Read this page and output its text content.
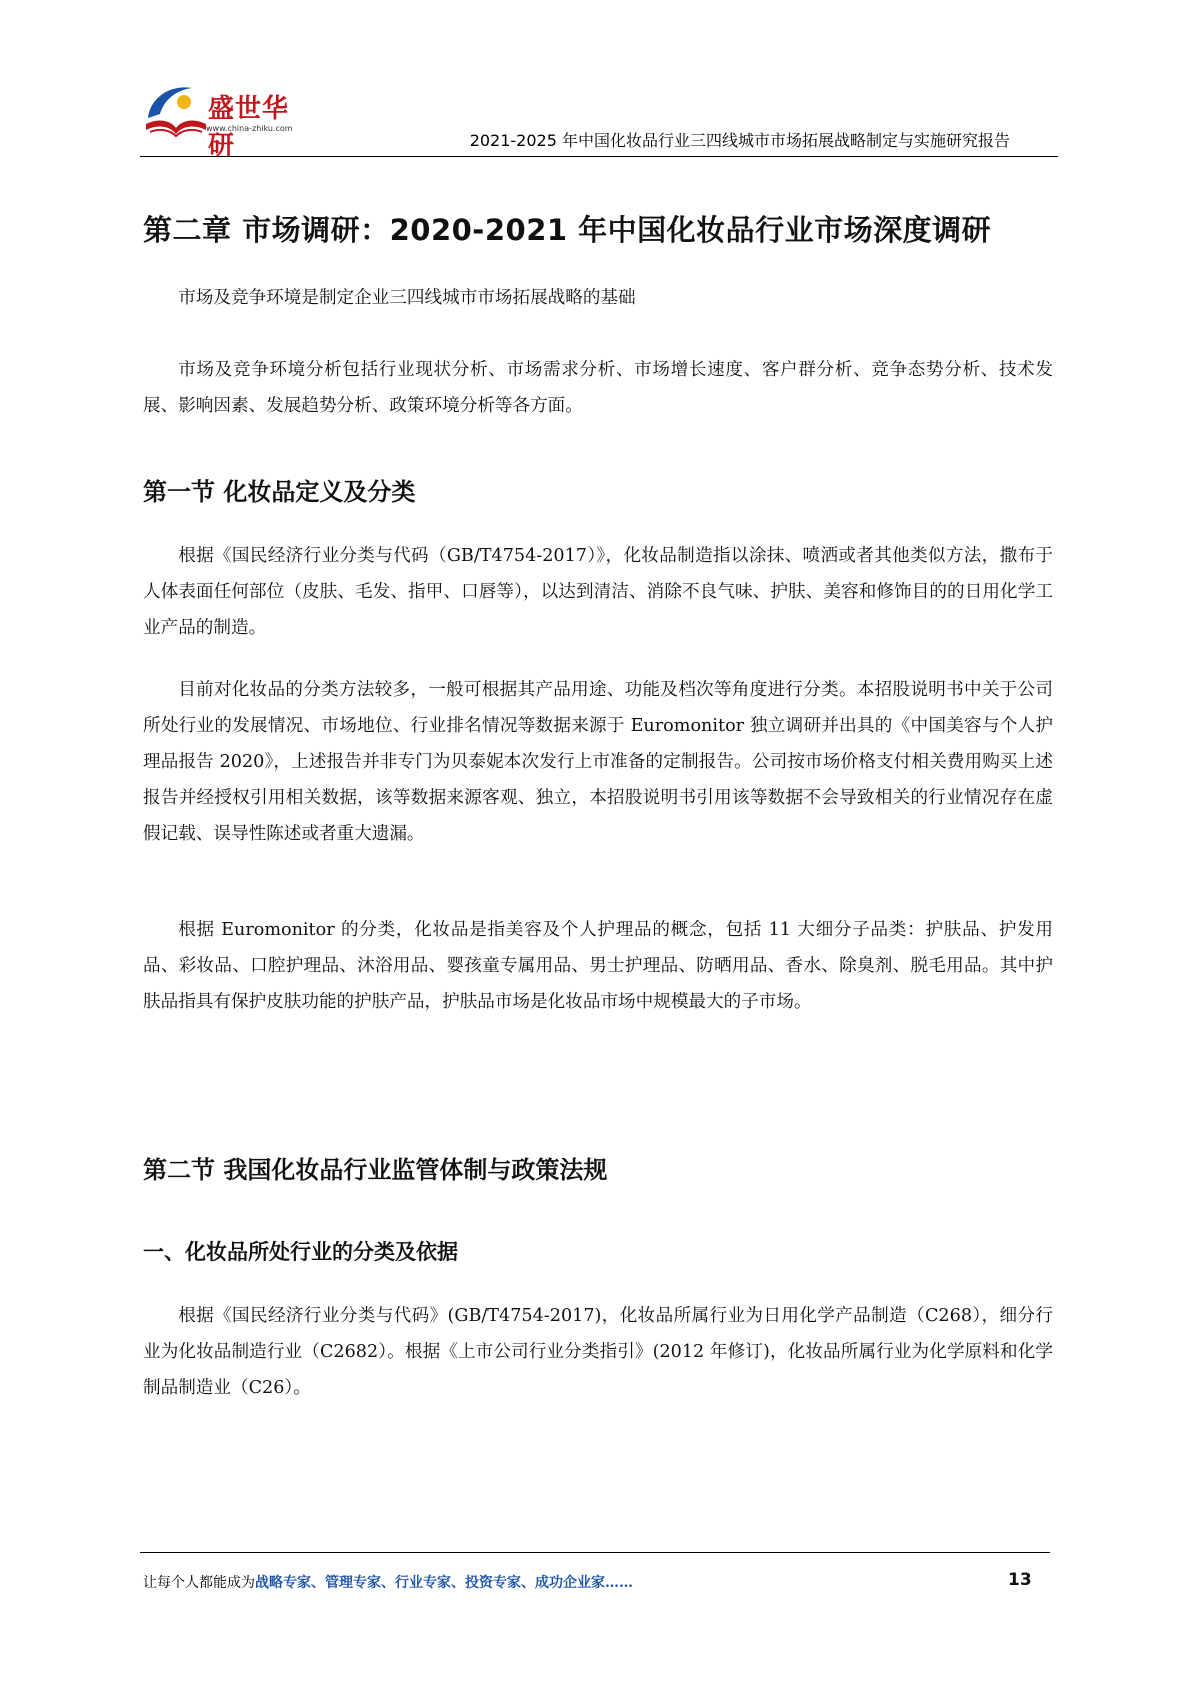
盛世华研
www.china-zhiku.com
2021-2025 年中国化妆品行业三四线城市市场拓展战略制定与实施研究报告
第二章 市场调研：2020-2021 年中国化妆品行业市场深度调研

市场及竞争环境是制定企业三四线城市市场拓展战略的基础

市场及竞争环境分析包括行业现状分析、市场需求分析、市场增长速度、客户群分析、竞争态势分析、技术发展、影响因素、发展趋势分析、政策环境分析等各方面。

第一节 化妆品定义及分类

根据《国民经济行业分类与代码（GB/T4754-2017）》，化妆品制造指以涂抹、喷洒或者其他类似方法，撒布于人体表面任何部位（皮肤、毛发、指甲、口唇等），以达到清洁、消除不良气味、护肤、美容和修饰目的的日用化学工业产品的制造。

目前对化妆品的分类方法较多，一般可根据其产品用途、功能及档次等角度进行分类。本招股说明书中关于公司所处行业的发展情况、市场地位、行业排名情况等数据来源于 Euromonitor 独立调研并出具的《中国美容与个人护理品报告 2020》，上述报告并非专门为贝泰妮本次发行上市准备的定制报告。公司按市场价格支付相关费用购买上述报告并经授权引用相关数据，该等数据来源客观、独立，本招股说明书引用该等数据不会导致相关的行业情况存在虚假记载、误导性陈述或者重大遗漏。

根据 Euromonitor 的分类，化妆品是指美容及个人护理品的概念，包括 11 大细分子品类：护肤品、护发用品、彩妆品、口腔护理品、沐浴用品、婴孩童专属用品、男士护理品、防晒用品、香水、除臭剂、脱毛用品。其中护肤品指具有保护皮肤功能的护肤产品，护肤品市场是化妆品市场中规模最大的子市场。

第二节 我国化妆品行业监管体制与政策法规
一、化妆品所处行业的分类及依据

根据《国民经济行业分类与代码》(GB/T4754-2017)，化妆品所属行业为日用化学产品制造（C268），细分行业为化妆品制造行业（C2682）。根据《上市公司行业分类指引》(2012 年修订)，化妆品所属行业为化学原料和化学制品制造业（C26）。

让每个人都能成为战略专家、管理专家、行业专家、投资专家、成功企业家……	13
